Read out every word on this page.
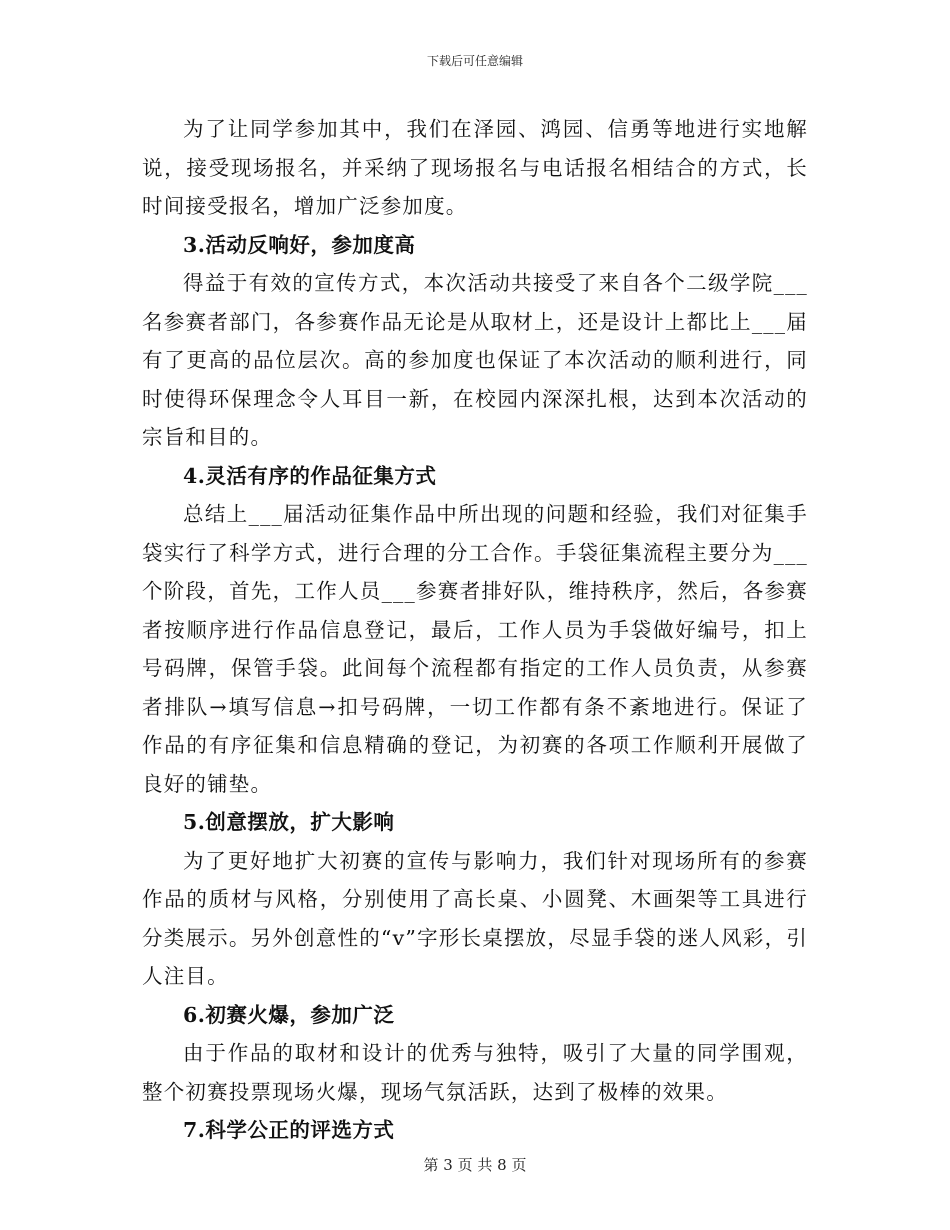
下载后可任意编辑

为了让同学参加其中，我们在泽园、鸿园、信勇等地进行实地解说，接受现场报名，并采纳了现场报名与电话报名相结合的方式，长时间接受报名，增加广泛参加度。

3.活动反响好，参加度高

得益于有效的宣传方式，本次活动共接受了来自各个二级学院___名参赛者部门，各参赛作品无论是从取材上，还是设计上都比上___届有了更高的品位层次。高的参加度也保证了本次活动的顺利进行，同时使得环保理念令人耳目一新，在校园内深深扎根，达到本次活动的宗旨和目的。

4.灵活有序的作品征集方式

总结上___届活动征集作品中所出现的问题和经验，我们对征集手袋实行了科学方式，进行合理的分工合作。手袋征集流程主要分为___个阶段，首先，工作人员___参赛者排好队，维持秩序，然后，各参赛者按顺序进行作品信息登记，最后，工作人员为手袋做好编号，扣上号码牌，保管手袋。此间每个流程都有指定的工作人员负责，从参赛者排队→填写信息→扣号码牌，一切工作都有条不紊地进行。保证了作品的有序征集和信息精确的登记，为初赛的各项工作顺利开展做了良好的铺垫。

5.创意摆放，扩大影响

为了更好地扩大初赛的宣传与影响力，我们针对现场所有的参赛作品的质材与风格，分别使用了高长桌、小圆凳、木画架等工具进行分类展示。另外创意性的“v”字形长桌摆放，尽显手袋的迷人风彩，引人注目。

6.初赛火爆，参加广泛

由于作品的取材和设计的优秀与独特，吸引了大量的同学围观，整个初赛投票现场火爆，现场气氛活跃，达到了极棒的效果。

7.科学公正的评选方式

第 3 页 共 8 页
